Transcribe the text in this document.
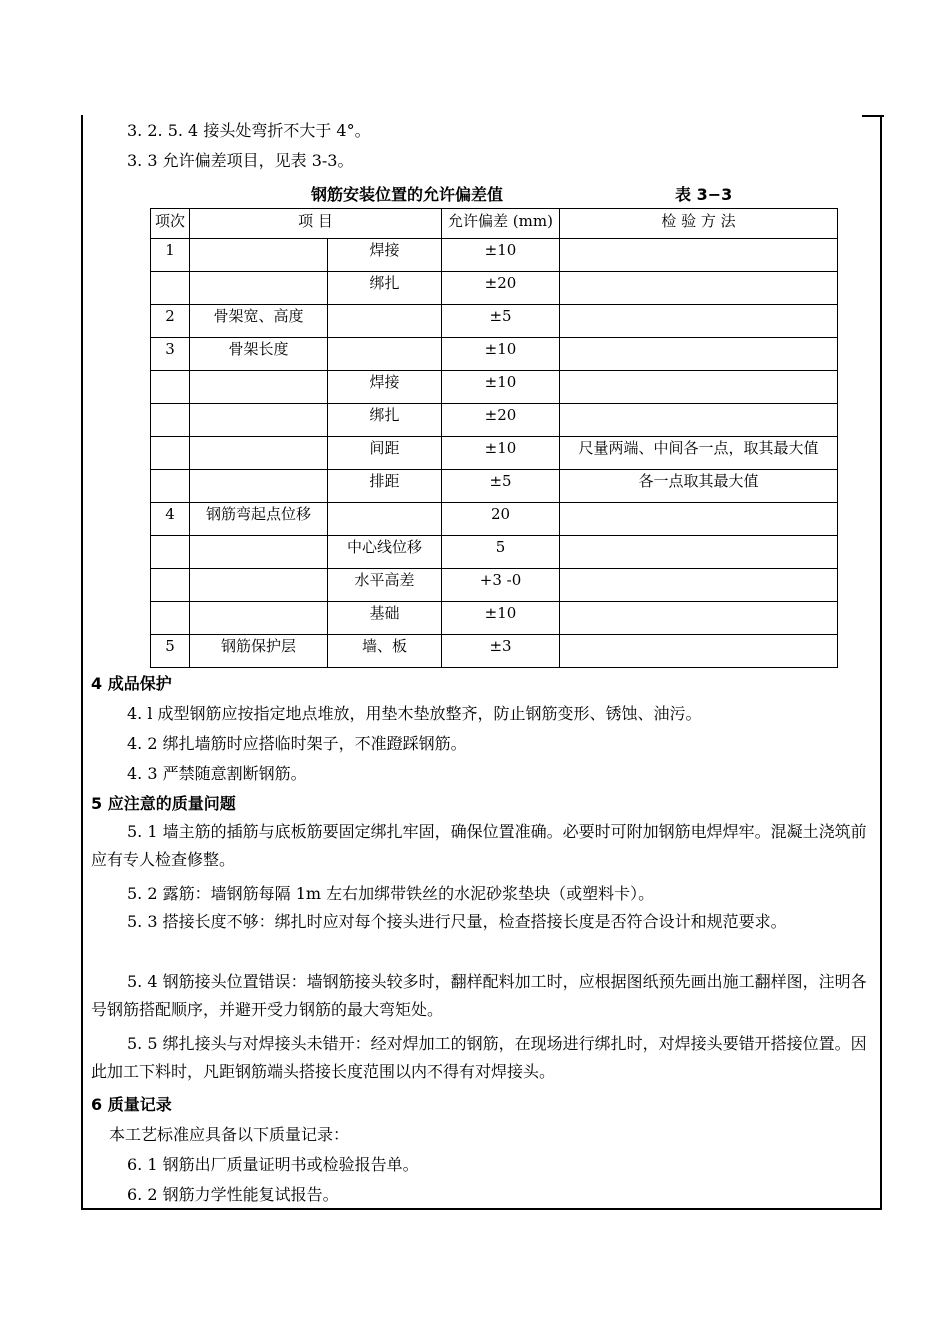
3. 2. 5. 4 接头处弯折不大于 4°。
3. 3 允许偏差项目，见表 3-3。
钢筋安装位置的允许偏差值	表 3−3
项次	项 目		允许偏差 (mm)	检 验 方 法
1		焊接	±10	
		绑扎	±20	
2	骨架宽、高度		±5	
3	骨架长度		±10	
		焊接	±10	
		绑扎	±20	
		间距	±10	尺量两端、中间各一点，取其最大值
		排距	±5	各一点取其最大值
4	钢筋弯起点位移		20	
		中心线位移	5	
		水平高差	+3 -0	
		基础	±10	
5	钢筋保护层	墙、板	±3	
4 成品保护
4. l 成型钢筋应按指定地点堆放，用垫木垫放整齐，防止钢筋变形、锈蚀、油污。
4. 2 绑扎墙筋时应搭临时架子，不准蹬踩钢筋。
4. 3 严禁随意割断钢筋。
5 应注意的质量问题
5. 1 墙主筋的插筋与底板筋要固定绑扎牢固，确保位置准确。必要时可附加钢筋电焊焊牢。混凝土浇筑前应有专人检查修整。
5. 2 露筋：墙钢筋每隔 1m 左右加绑带铁丝的水泥砂浆垫块（或塑料卡）。
5. 3 搭接长度不够：绑扎时应对每个接头进行尺量，检查搭接长度是否符合设计和规范要求。
5. 4 钢筋接头位置错误：墙钢筋接头较多时，翻样配料加工时，应根据图纸预先画出施工翻样图，注明各号钢筋搭配顺序，并避开受力钢筋的最大弯矩处。
5. 5 绑扎接头与对焊接头未错开：经对焊加工的钢筋，在现场进行绑扎时，对焊接头要错开搭接位置。因此加工下料时，凡距钢筋端头搭接长度范围以内不得有对焊接头。
6 质量记录
本工艺标准应具备以下质量记录：
6. 1 钢筋出厂质量证明书或检验报告单。
6. 2 钢筋力学性能复试报告。
